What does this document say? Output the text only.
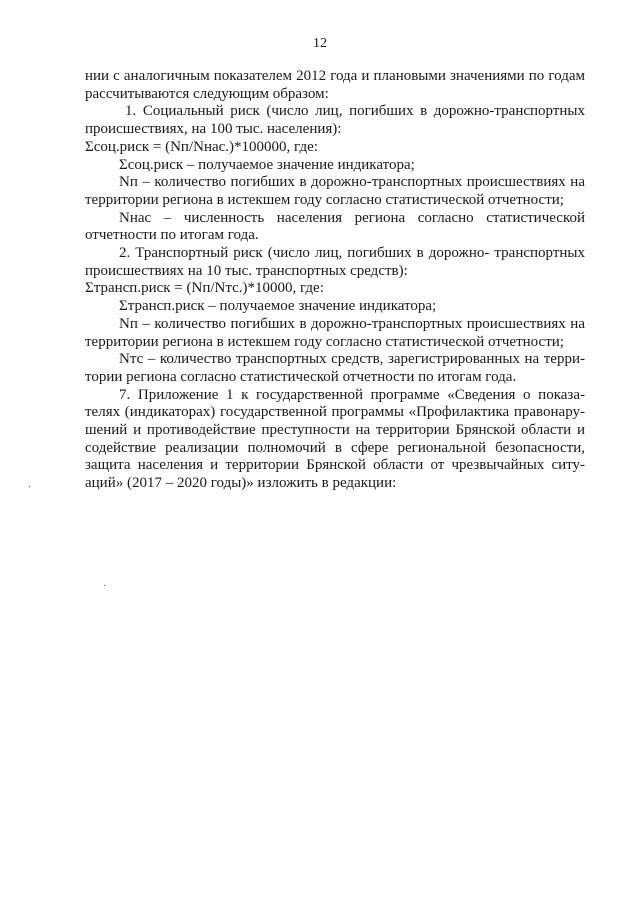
12

нии с аналогичным показателем 2012 года и плановыми значениями по годам

рассчитываются следующим образом:

1. Социальный риск (число лиц, погибших в дорожно-транспортных

происшествиях, на 100 тыс. населения):

Σсоц.риск = (Nп/Nнас.)*100000, где:

Σсоц.риск – получаемое значение индикатора;

Nп – количество погибших в дорожно-транспортных происшествиях на

территории региона в истекшем году согласно статистической отчетности;

Nнас – численность населения региона согласно статистической

отчетности по итогам года.

2. Транспортный риск (число лиц, погибших в дорожно- транспортных

происшествиях на 10 тыс. транспортных средств):

Σтрансп.риск = (Nп/Nтс.)*10000, где:

Σтрансп.риск – получаемое значение индикатора;

Nп – количество погибших в дорожно-транспортных происшествиях на

территории региона в истекшем году согласно статистической отчетности;

Nтс – количество транспортных средств, зарегистрированных на терри-

тории региона согласно статистической отчетности по итогам года.

7. Приложение 1 к государственной программе «Сведения о показа-

телях (индикаторах) государственной программы «Профилактика правонару-

шений и противодействие преступности на территории Брянской области и

содействие реализации полномочий в сфере региональной безопасности,

защита населения и территории Брянской области от чрезвычайных ситу-

аций» (2017 – 2020 годы)» изложить в редакции:
